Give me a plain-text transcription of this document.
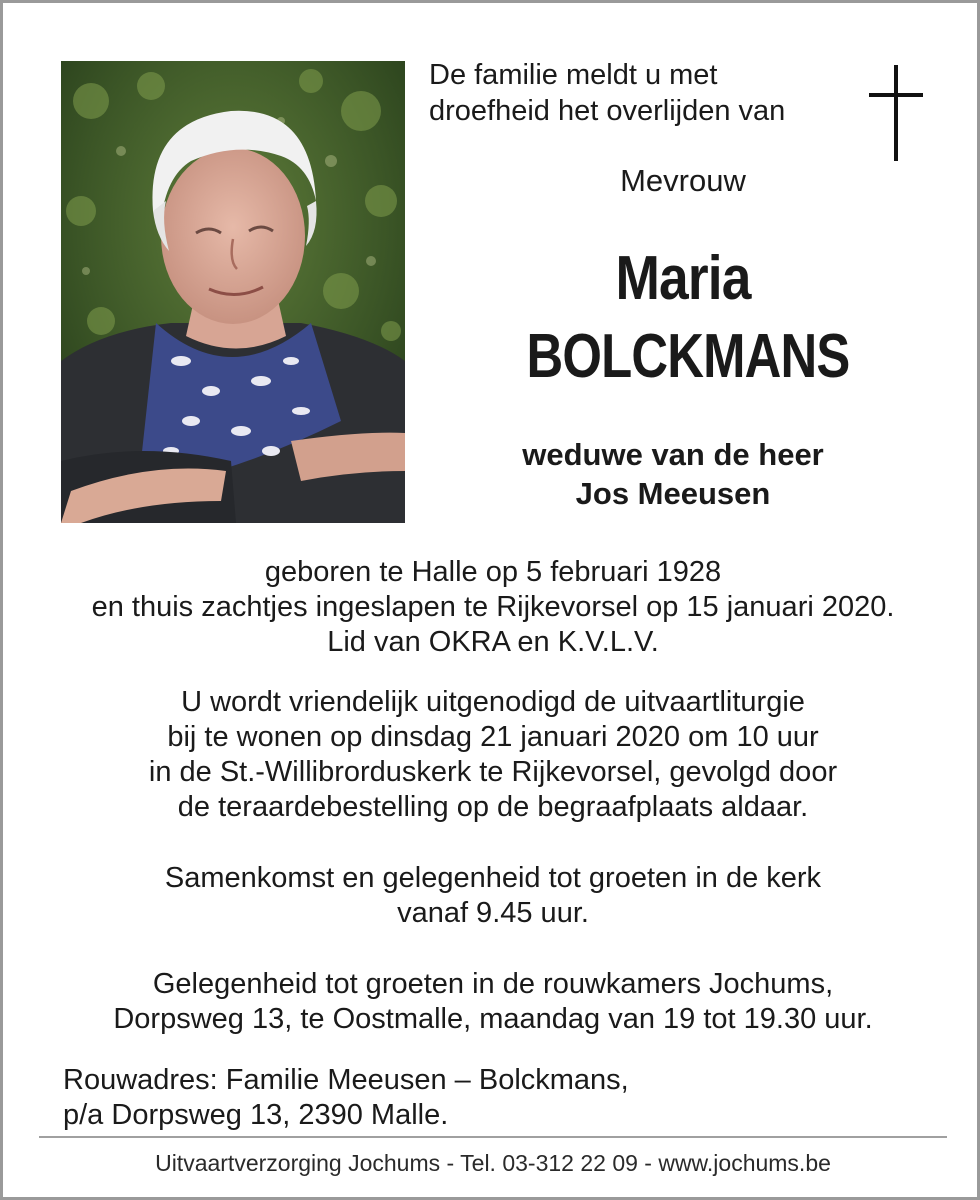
De familie meldt u met
droefheid het overlijden van
Mevrouw
Maria
BOLCKMANS
weduwe van de heer
Jos Meeusen
geboren te Halle op 5 februari 1928
en thuis zachtjes ingeslapen te Rijkevorsel op 15 januari 2020.
Lid van OKRA en K.V.L.V.
U wordt vriendelijk uitgenodigd de uitvaartliturgie
bij te wonen op dinsdag 21 januari 2020 om 10 uur
in de St.-Willibrorduskerk te Rijkevorsel, gevolgd door
de teraardebestelling op de begraafplaats aldaar.
Samenkomst en gelegenheid tot groeten in de kerk
vanaf 9.45 uur.
Gelegenheid tot groeten in de rouwkamers Jochums,
Dorpsweg 13, te Oostmalle, maandag van 19 tot 19.30 uur.
Rouwadres: Familie Meeusen – Bolckmans,
p/a Dorpsweg 13, 2390 Malle.
Uitvaartverzorging Jochums - Tel. 03-312 22 09 - www.jochums.be
